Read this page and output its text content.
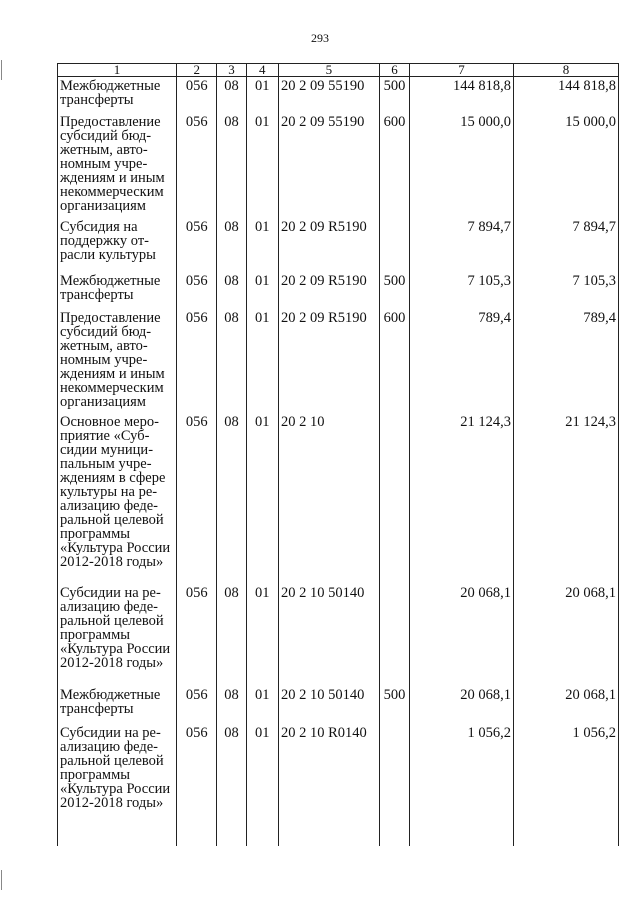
293
1	2	3	4	5	6	7	8
Межбюджетные трансферты	056	08	01	20 2 09 55190	500	144 818,8	144 818,8
Предоставление субсидий бюджетным, автономным учреждениям и иным некоммерческим организациям	056	08	01	20 2 09 55190	600	15 000,0	15 000,0
Субсидия на поддержку отрасли культуры	056	08	01	20 2 09 R5190		7 894,7	7 894,7
Межбюджетные трансферты	056	08	01	20 2 09 R5190	500	7 105,3	7 105,3
Предоставление субсидий бюджетным, автономным учреждениям и иным некоммерческим организациям	056	08	01	20 2 09 R5190	600	789,4	789,4
Основное мероприятие «Субсидии муниципальным учреждениям в сфере культуры на реализацию федеральной целевой программы «Культура России 2012-2018 годы»	056	08	01	20 2 10		21 124,3	21 124,3
Субсидии на реализацию федеральной целевой программы «Культура России 2012-2018 годы»	056	08	01	20 2 10 50140		20 068,1	20 068,1
Межбюджетные трансферты	056	08	01	20 2 10 50140	500	20 068,1	20 068,1
Субсидии на реализацию федеральной целевой программы «Культура России 2012-2018 годы»	056	08	01	20 2 10 R0140		1 056,2	1 056,2
